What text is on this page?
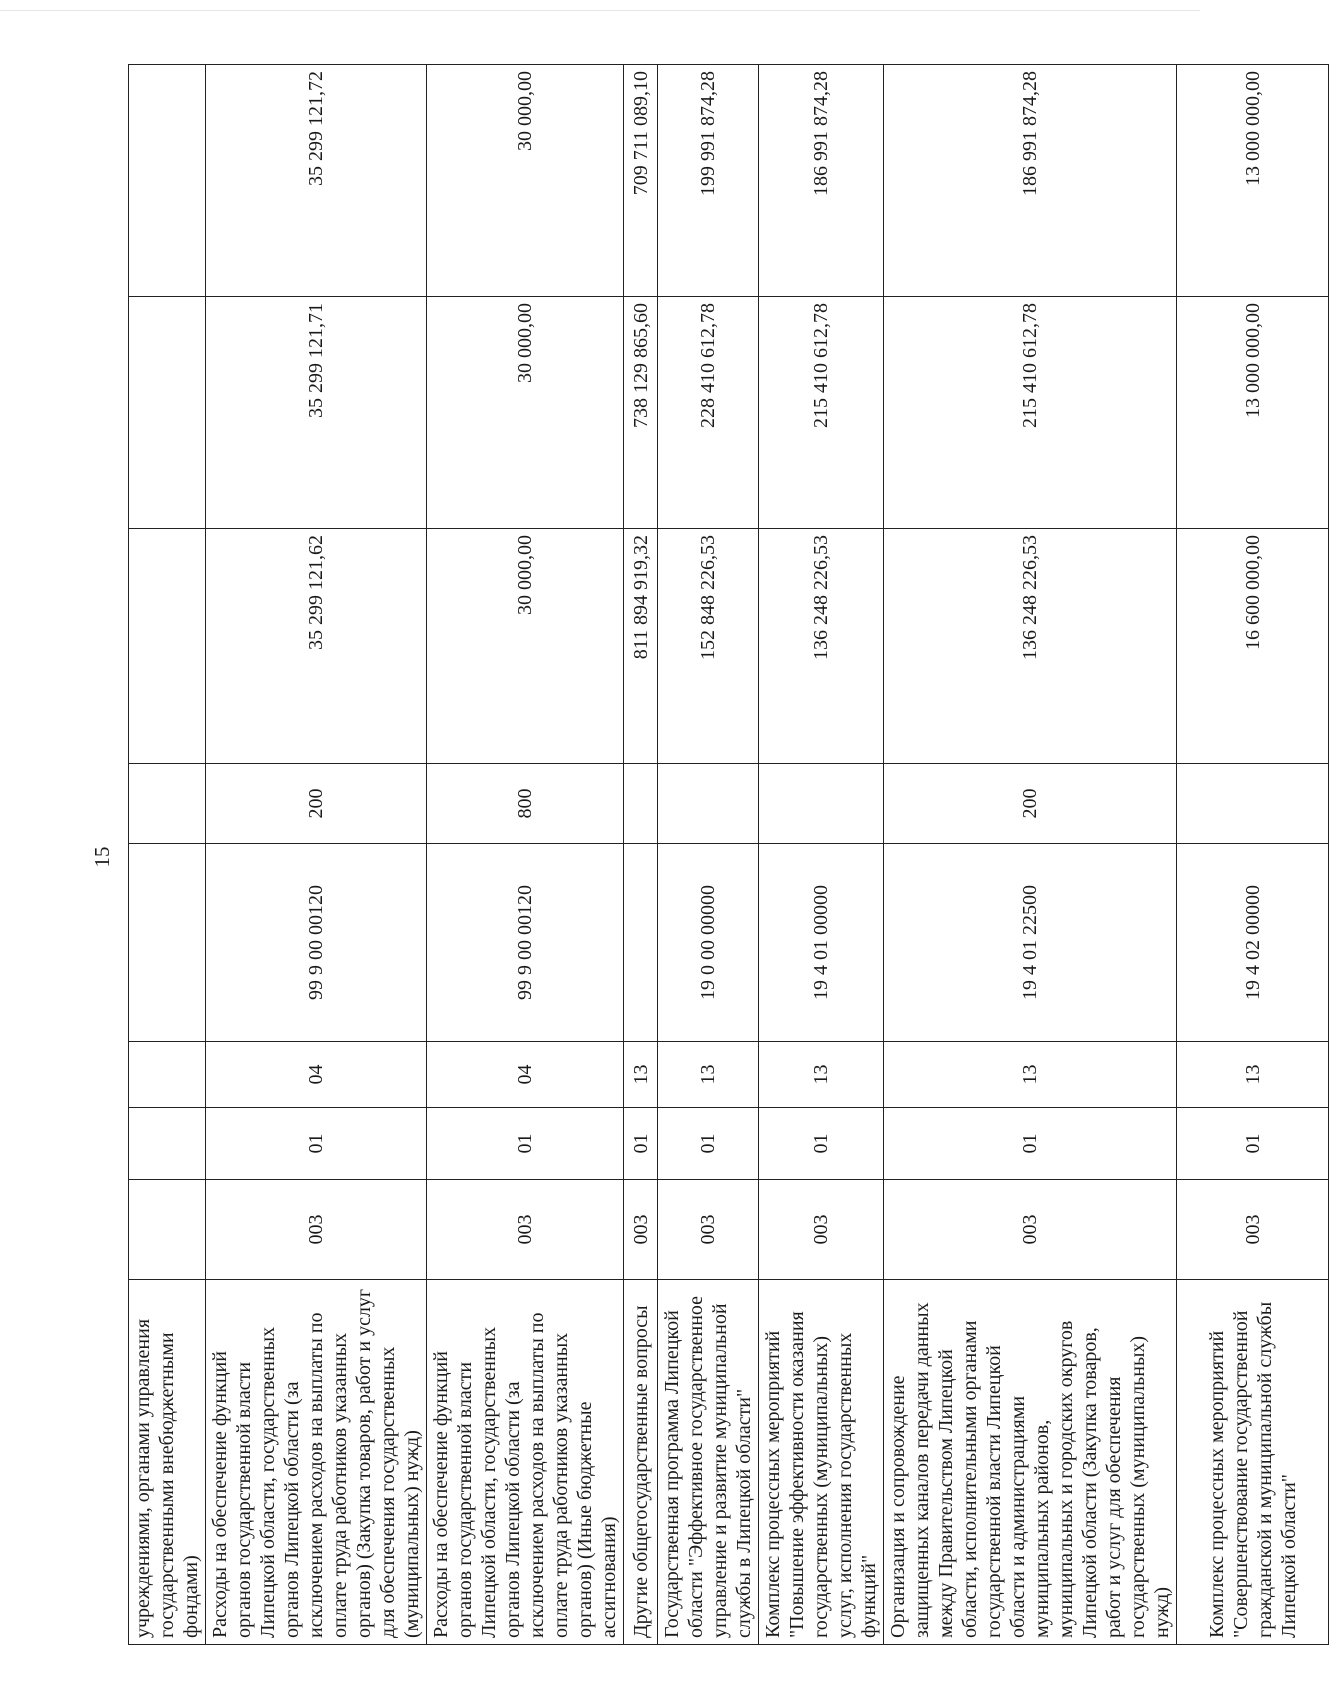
15
учреждениями, органами управления государственными внебюджетными фондами)								
Расходы на обеспечение функций органов государственной власти Липецкой области, государственных органов Липецкой области (за исключением расходов на выплаты по оплате труда работников указанных органов) (Закупка товаров, работ и услуг для обеспечения государственных (муниципальных) нужд)	003	01	04	99 9 00 00120	200	35 299 121,62	35 299 121,71	35 299 121,72
Расходы на обеспечение функций органов государственной власти Липецкой области, государственных органов Липецкой области (за исключением расходов на выплаты по оплате труда работников указанных органов) (Иные бюджетные ассигнования)	003	01	04	99 9 00 00120	800	30 000,00	30 000,00	30 000,00
Другие общегосударственные вопросы	003	01	13			811 894 919,32	738 129 865,60	709 711 089,10
Государственная программа Липецкой области "Эффективное государственное управление и развитие муниципальной службы в Липецкой области"	003	01	13	19 0 00 00000		152 848 226,53	228 410 612,78	199 991 874,28
Комплекс процессных мероприятий "Повышение эффективности оказания государственных (муниципальных) услуг, исполнения государственных функций"	003	01	13	19 4 01 00000		136 248 226,53	215 410 612,78	186 991 874,28
Организация и сопровождение защищенных каналов передачи данных между Правительством Липецкой области, исполнительными органами государственной власти Липецкой области и администрациями муниципальных районов, муниципальных и городских округов Липецкой области (Закупка товаров, работ и услуг для обеспечения государственных (муниципальных) нужд)	003	01	13	19 4 01 22500	200	136 248 226,53	215 410 612,78	186 991 874,28
Комплекс процессных мероприятий "Совершенствование государственной гражданской и муниципальной службы Липецкой области"	003	01	13	19 4 02 00000		16 600 000,00	13 000 000,00	13 000 000,00
